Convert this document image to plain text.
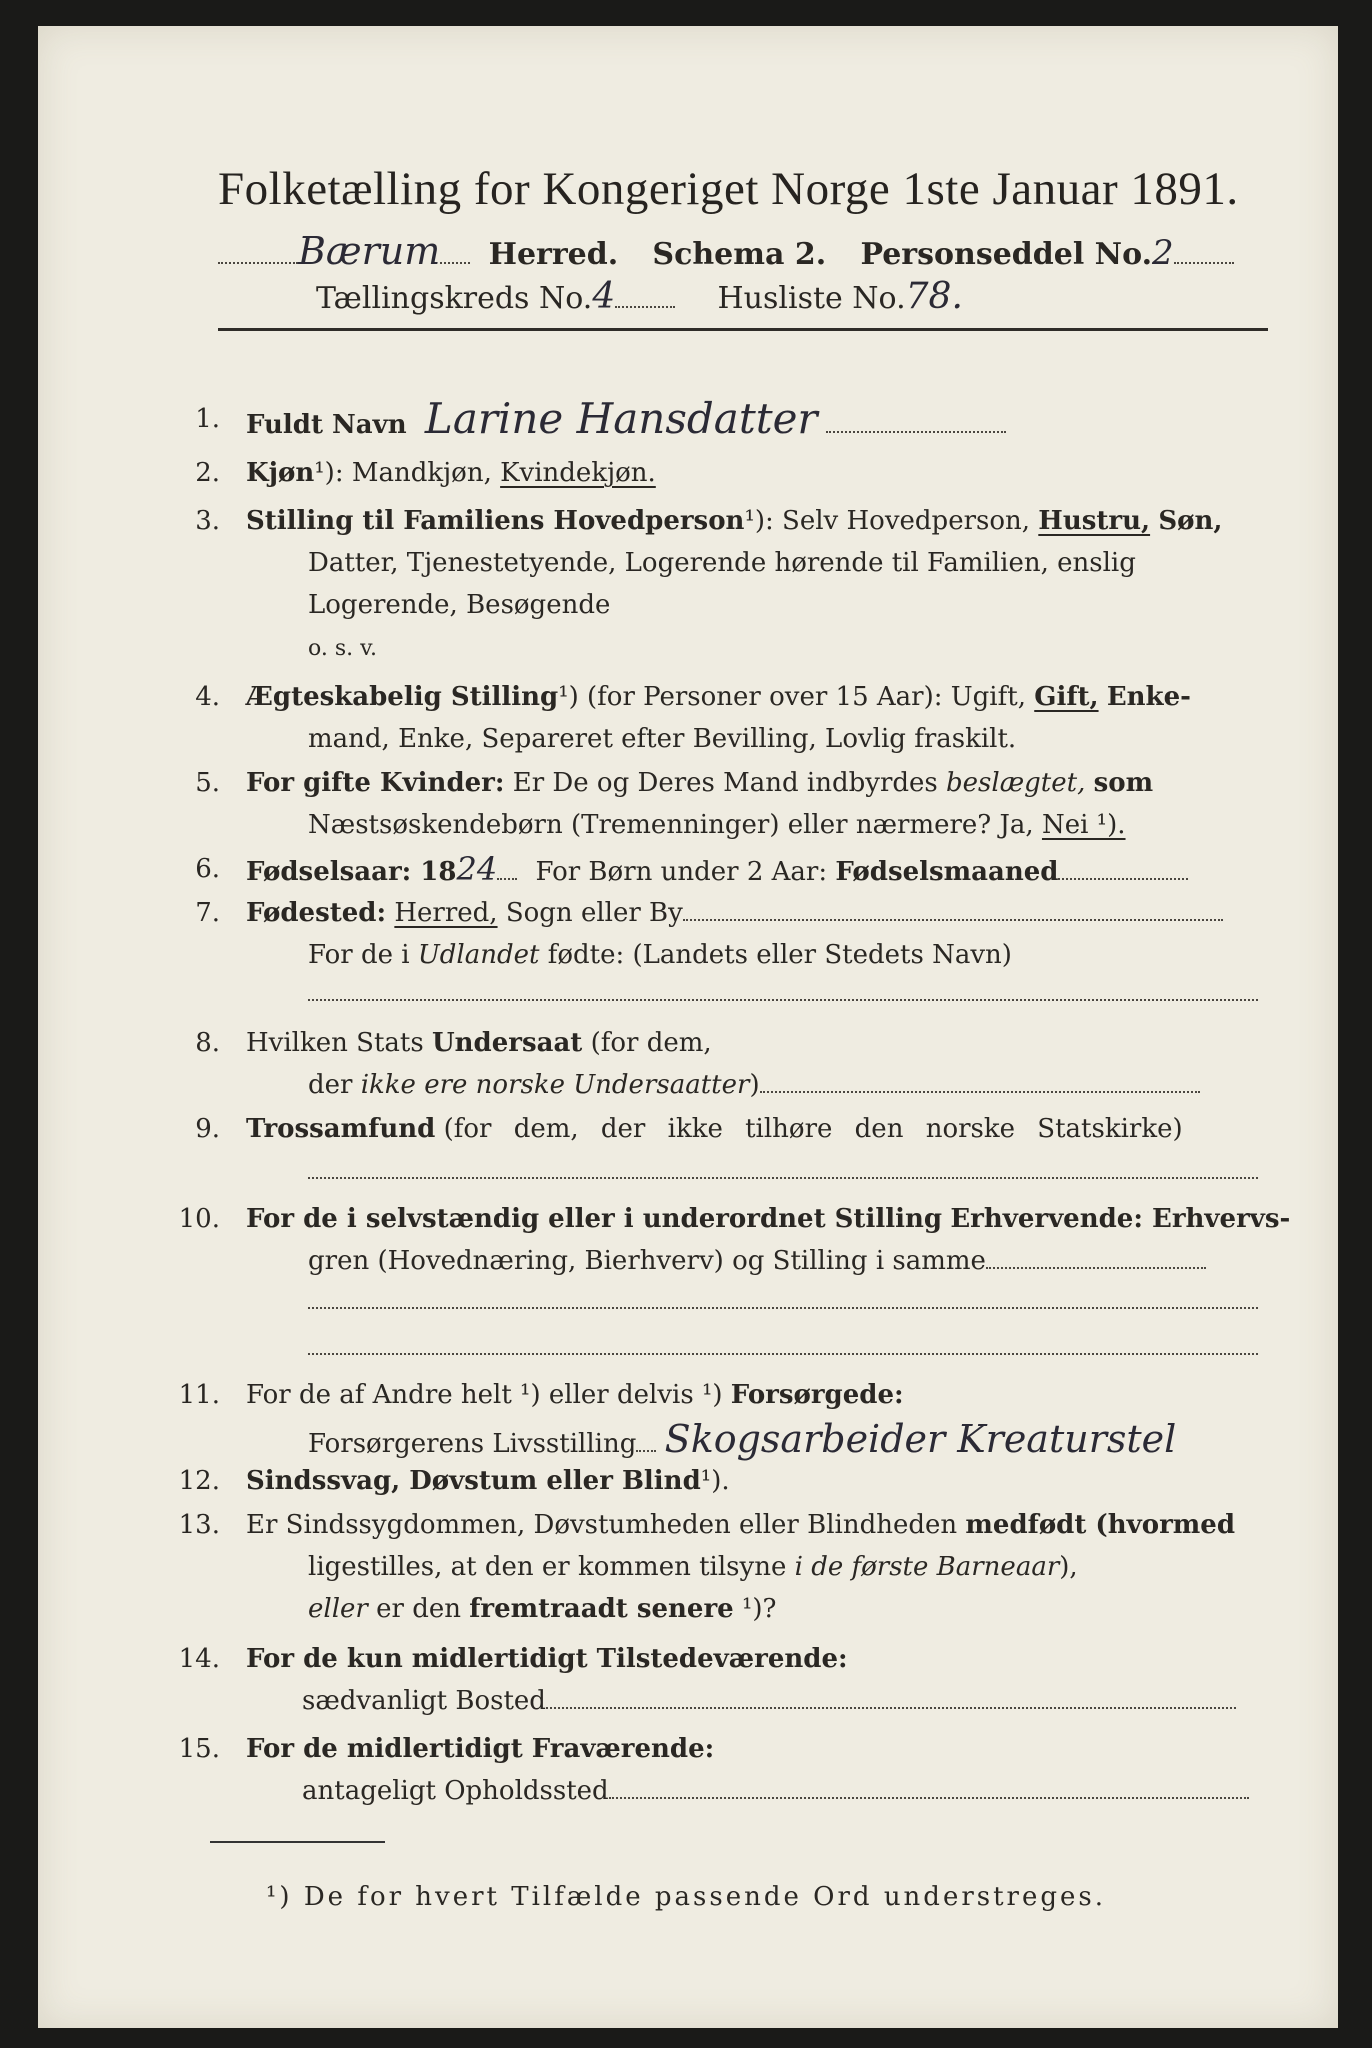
Folketælling for Kongeriget Norge 1ste Januar 1891.
Bærum Herred. Schema 2. Personseddel No.2
Tællingskreds No.4	Husliste No.78.
1. Fuldt Navn Larine Hansdatter
2. Kjøn¹): Mandkjøn, Kvindekjøn.
3. Stilling til Familiens Hovedperson¹): Selv Hovedperson, Hustru, Søn,
Datter, Tjenestetyende, Logerende hørende til Familien, enslig
Logerende, Besøgende
o. s. v.
4. Ægteskabelig Stilling¹) (for Personer over 15 Aar): Ugift, Gift, Enke-
mand, Enke, Separeret efter Bevilling, Lovlig fraskilt.
5. For gifte Kvinder: Er De og Deres Mand indbyrdes beslægtet, som
Næstsøskendebørn (Tremenninger) eller nærmere? Ja, Nei ¹).
6. Fødselsaar: 1824 For Børn under 2 Aar: Fødselsmaaned
7. Fødested: Herred, Sogn eller By
For de i Udlandet fødte: (Landets eller Stedets Navn)
8. Hvilken Stats Undersaat (for dem,
der ikke ere norske Undersaatter)
9. Trossamfund (for dem, der ikke tilhøre den norske Statskirke)
10. For de i selvstændig eller i underordnet Stilling Erhvervende: Erhvervs-
gren (Hovednæring, Bierhverv) og Stilling i samme
11. For de af Andre helt ¹) eller delvis ¹) Forsørgede:
Forsørgerens Livsstilling Skogsarbeider Kreaturstel
12. Sindssvag, Døvstum eller Blind¹).
13. Er Sindssygdommen, Døvstumheden eller Blindheden medfødt (hvormed
ligestilles, at den er kommen tilsyne i de første Barneaar),
eller er den fremtraadt senere ¹)?
14. For de kun midlertidigt Tilstedeværende:
sædvanligt Bosted
15. For de midlertidigt Fraværende:
antageligt Opholdssted
¹) De for hvert Tilfælde passende Ord understreges.
